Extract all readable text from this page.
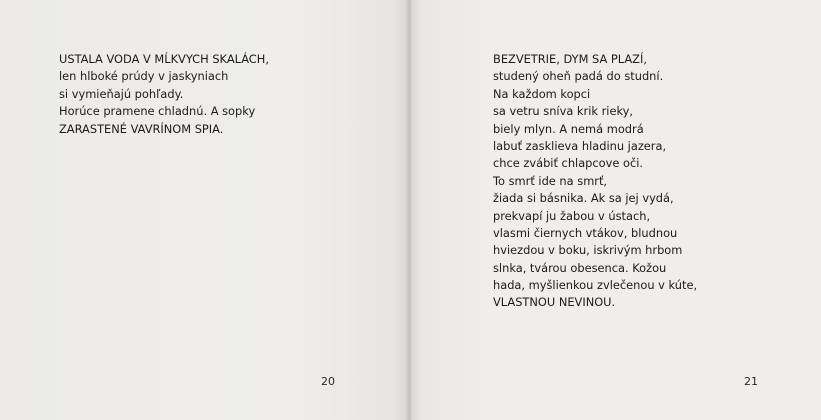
USTALA VODA V MĹKVYCH SKALÁCH,
len hlboké prúdy v jaskyniach
si vymieňajú pohľady.
Horúce pramene chladnú. A sopky
ZARASTENÉ VAVRÍNOM SPIA.
20
BEZVETRIE, DYM SA PLAZÍ,
studený oheň padá do studní.
Na každom kopci
sa vetru sníva krik rieky,
biely mlyn. A nemá modrá
labuť zasklieva hladinu jazera,
chce zvábiť chlapcove oči.
To smrť ide na smrť,
žiada si básnika. Ak sa jej vydá,
prekvapí ju žabou v ústach,
vlasmi čiernych vtákov, bludnou
hviezdou v boku, iskrivým hrbom
slnka, tvárou obesenca. Kožou
hada, myšlienkou zvlečenou v kúte,
VLASTNOU NEVINOU.
21
